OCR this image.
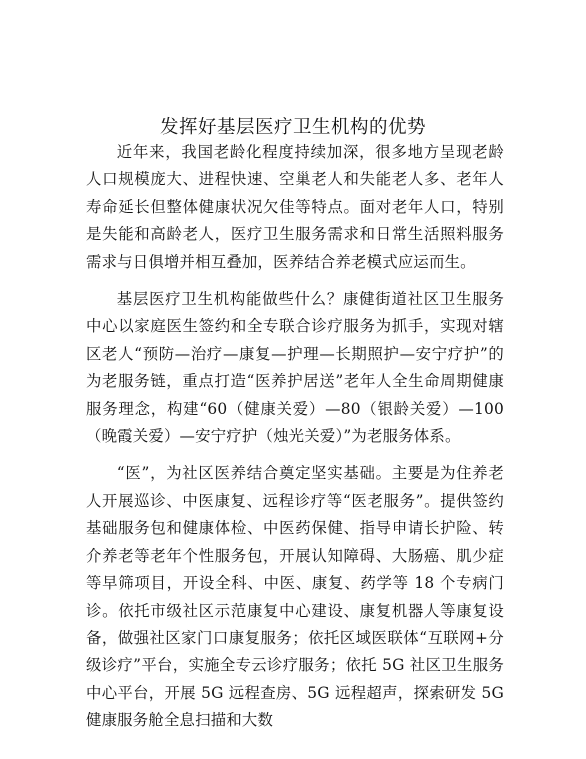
发挥好基层医疗卫生机构的优势

近年来，我国老龄化程度持续加深，很多地方呈现老龄人口规模庞大、进程快速、空巢老人和失能老人多、老年人寿命延长但整体健康状况欠佳等特点。面对老年人口，特别是失能和高龄老人，医疗卫生服务需求和日常生活照料服务需求与日俱增并相互叠加，医养结合养老模式应运而生。

基层医疗卫生机构能做些什么？康健街道社区卫生服务中心以家庭医生签约和全专联合诊疗服务为抓手，实现对辖区老人“预防—治疗—康复—护理—长期照护—安宁疗护”的为老服务链，重点打造“医养护居送”老年人全生命周期健康服务理念，构建“60（健康关爱）—80（银龄关爱）—100（晚霞关爱）—安宁疗护（烛光关爱）”为老服务体系。

“医”，为社区医养结合奠定坚实基础。主要是为住养老人开展巡诊、中医康复、远程诊疗等“医老服务”。提供签约基础服务包和健康体检、中医药保健、指导申请长护险、转介养老等老年个性服务包，开展认知障碍、大肠癌、肌少症等早筛项目，开设全科、中医、康复、药学等 18 个专病门诊。依托市级社区示范康复中心建设、康复机器人等康复设备，做强社区家门口康复服务；依托区域医联体“互联网+分级诊疗”平台，实施全专云诊疗服务；依托 5G 社区卫生服务中心平台，开展 5G 远程查房、5G 远程超声，探索研发 5G 健康服务舱全息扫描和大数
